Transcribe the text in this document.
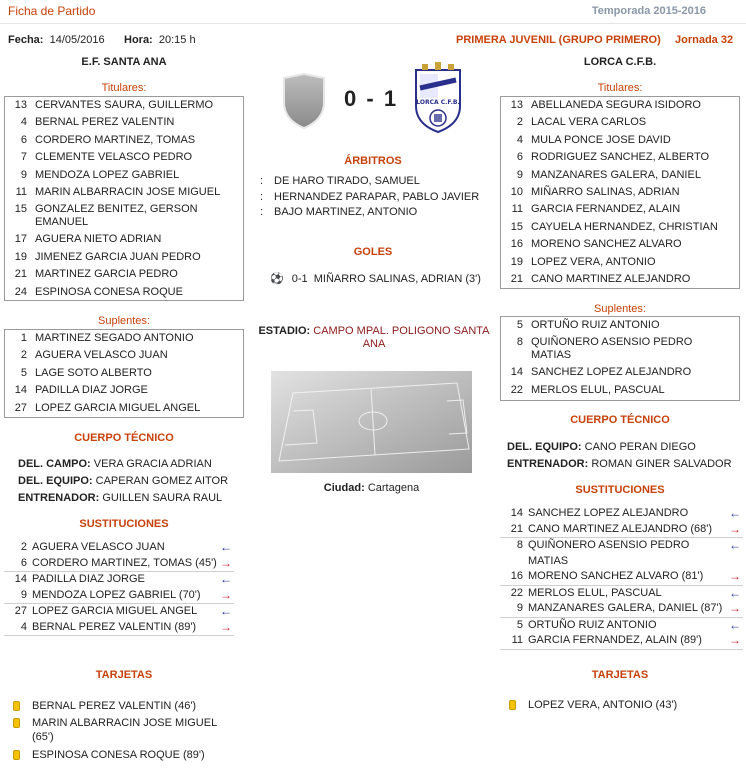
Ficha de Partido	Temporada 2015-2016
Fecha: 14/05/2016 Hora: 20:15 h	PRIMERA JUVENIL (GRUPO PRIMERO) Jornada 32
E.F. SANTA ANA	LORCA C.F.B.
Titulares:
13 CERVANTES SAURA, GUILLERMO
4 BERNAL PEREZ VALENTIN
6 CORDERO MARTINEZ, TOMAS
7 CLEMENTE VELASCO PEDRO
9 MENDOZA LOPEZ GABRIEL
11 MARIN ALBARRACIN JOSE MIGUEL
15 GONZALEZ BENITEZ, GERSON EMANUEL
17 AGUERA NIETO ADRIAN
19 JIMENEZ GARCIA JUAN PEDRO
21 MARTINEZ GARCIA PEDRO
24 ESPINOSA CONESA ROQUE
Suplentes:
1 MARTINEZ SEGADO ANTONIO
2 AGUERA VELASCO JUAN
5 LAGE SOTO ALBERTO
14 PADILLA DIAZ JORGE
27 LOPEZ GARCIA MIGUEL ANGEL
CUERPO TÉCNICO
DEL. CAMPO: VERA GRACIA ADRIAN
DEL. EQUIPO: CAPERAN GOMEZ AITOR
ENTRENADOR: GUILLEN SAURA RAUL
SUSTITUCIONES
2 AGUERA VELASCO JUAN	←
6 CORDERO MARTINEZ, TOMAS (45') →
14 PADILLA DIAZ JORGE	←
9 MENDOZA LOPEZ GABRIEL (70')	→
27 LOPEZ GARCIA MIGUEL ANGEL	←
4 BERNAL PEREZ VALENTIN (89')	→
TARJETAS
BERNAL PEREZ VALENTIN (46')
MARIN ALBARRACIN JOSE MIGUEL (65')
ESPINOSA CONESA ROQUE (89')
Titulares:
13 ABELLANEDA SEGURA ISIDORO
2 LACAL VERA CARLOS
4 MULA PONCE JOSE DAVID
6 RODRIGUEZ SANCHEZ, ALBERTO
9 MANZANARES GALERA, DANIEL
10 MIÑARRO SALINAS, ADRIAN
11 GARCIA FERNANDEZ, ALAIN
15 CAYUELA HERNANDEZ, CHRISTIAN
16 MORENO SANCHEZ ALVARO
19 LOPEZ VERA, ANTONIO
21 CANO MARTINEZ ALEJANDRO
Suplentes:
5 ORTUÑO RUIZ ANTONIO
8 QUIÑONERO ASENSIO PEDRO MATIAS
14 SANCHEZ LOPEZ ALEJANDRO
22 MERLOS ELUL, PASCUAL
CUERPO TÉCNICO
DEL. EQUIPO: CANO PERAN DIEGO
ENTRENADOR: ROMAN GINER SALVADOR
SUSTITUCIONES
14 SANCHEZ LOPEZ ALEJANDRO	←
21 CANO MARTINEZ ALEJANDRO (68')	→
8 QUIÑONERO ASENSIO PEDRO MATIAS
←
16 MORENO SANCHEZ ALVARO (81')	→
22 MERLOS ELUL, PASCUAL	←
9 MANZANARES GALERA, DANIEL (87') →
5 ORTUÑO RUIZ ANTONIO	←
11 GARCIA FERNANDEZ, ALAIN (89')	→
TARJETAS
LOPEZ VERA, ANTONIO (43')
0 - 1	LORCA C.F.B.
ÁRBITROS
: DE HARO TIRADO, SAMUEL
: HERNANDEZ PARAPAR, PABLO JAVIER
: BAJO MARTINEZ, ANTONIO
GOLES
⚽ 0-1 MIÑARRO SALINAS, ADRIAN (3')
ESTADIO: CAMPO MPAL. POLIGONO SANTA ANA
Ciudad: Cartagena
